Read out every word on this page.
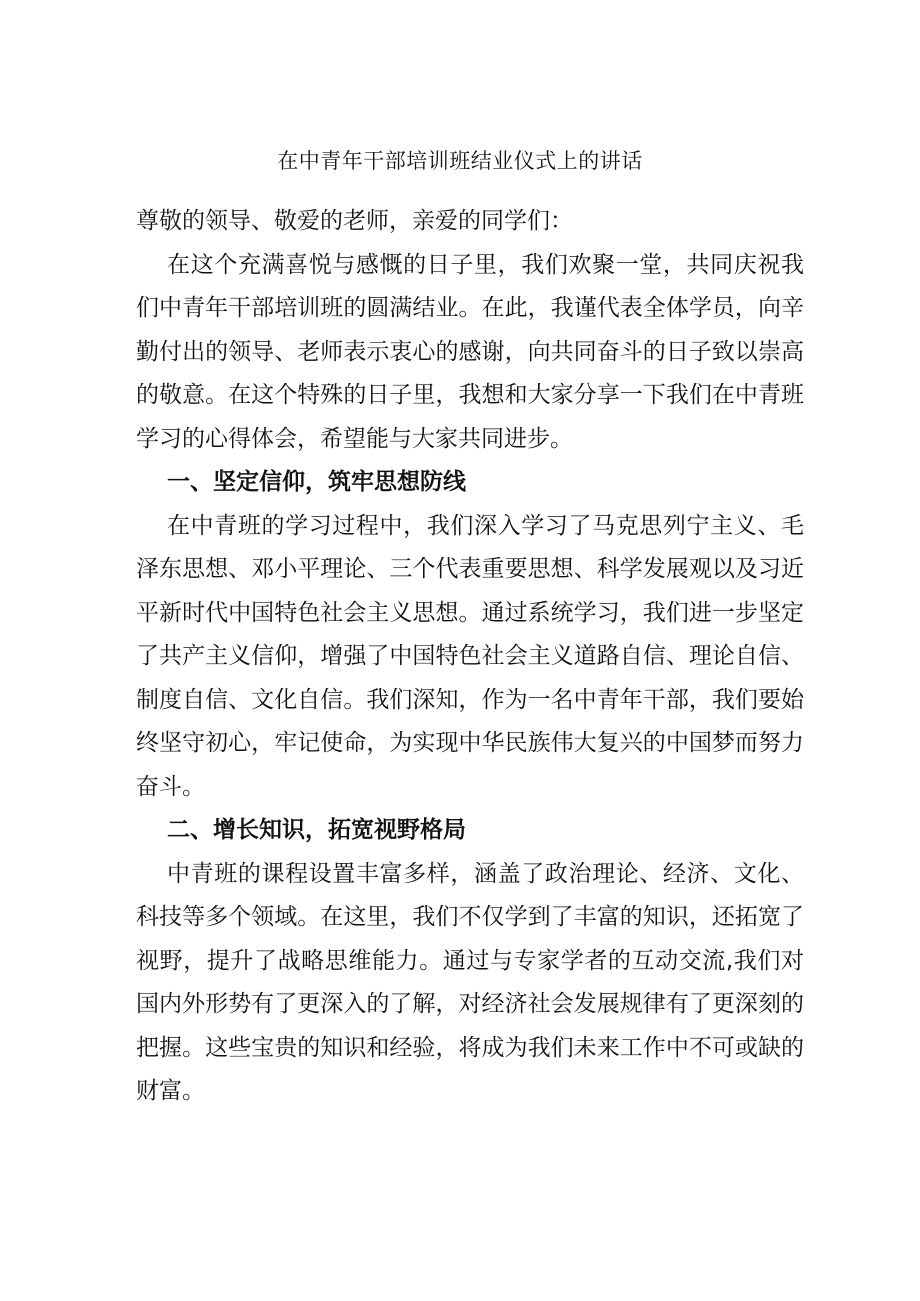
在中青年干部培训班结业仪式上的讲话

尊敬的领导、敬爱的老师，亲爱的同学们：

在这个充满喜悦与感慨的日子里，我们欢聚一堂，共同庆祝我们中青年干部培训班的圆满结业。在此，我谨代表全体学员，向辛勤付出的领导、老师表示衷心的感谢，向共同奋斗的日子致以崇高的敬意。在这个特殊的日子里，我想和大家分享一下我们在中青班学习的心得体会，希望能与大家共同进步。

一、坚定信仰，筑牢思想防线

在中青班的学习过程中，我们深入学习了马克思列宁主义、毛泽东思想、邓小平理论、三个代表重要思想、科学发展观以及习近平新时代中国特色社会主义思想。通过系统学习，我们进一步坚定了共产主义信仰，增强了中国特色社会主义道路自信、理论自信、制度自信、文化自信。我们深知，作为一名中青年干部，我们要始终坚守初心，牢记使命，为实现中华民族伟大复兴的中国梦而努力奋斗。

二、增长知识，拓宽视野格局

中青班的课程设置丰富多样，涵盖了政治理论、经济、文化、科技等多个领域。在这里，我们不仅学到了丰富的知识，还拓宽了视野，提升了战略思维能力。通过与专家学者的互动交流,我们对国内外形势有了更深入的了解，对经济社会发展规律有了更深刻的把握。这些宝贵的知识和经验，将成为我们未来工作中不可或缺的财富。
